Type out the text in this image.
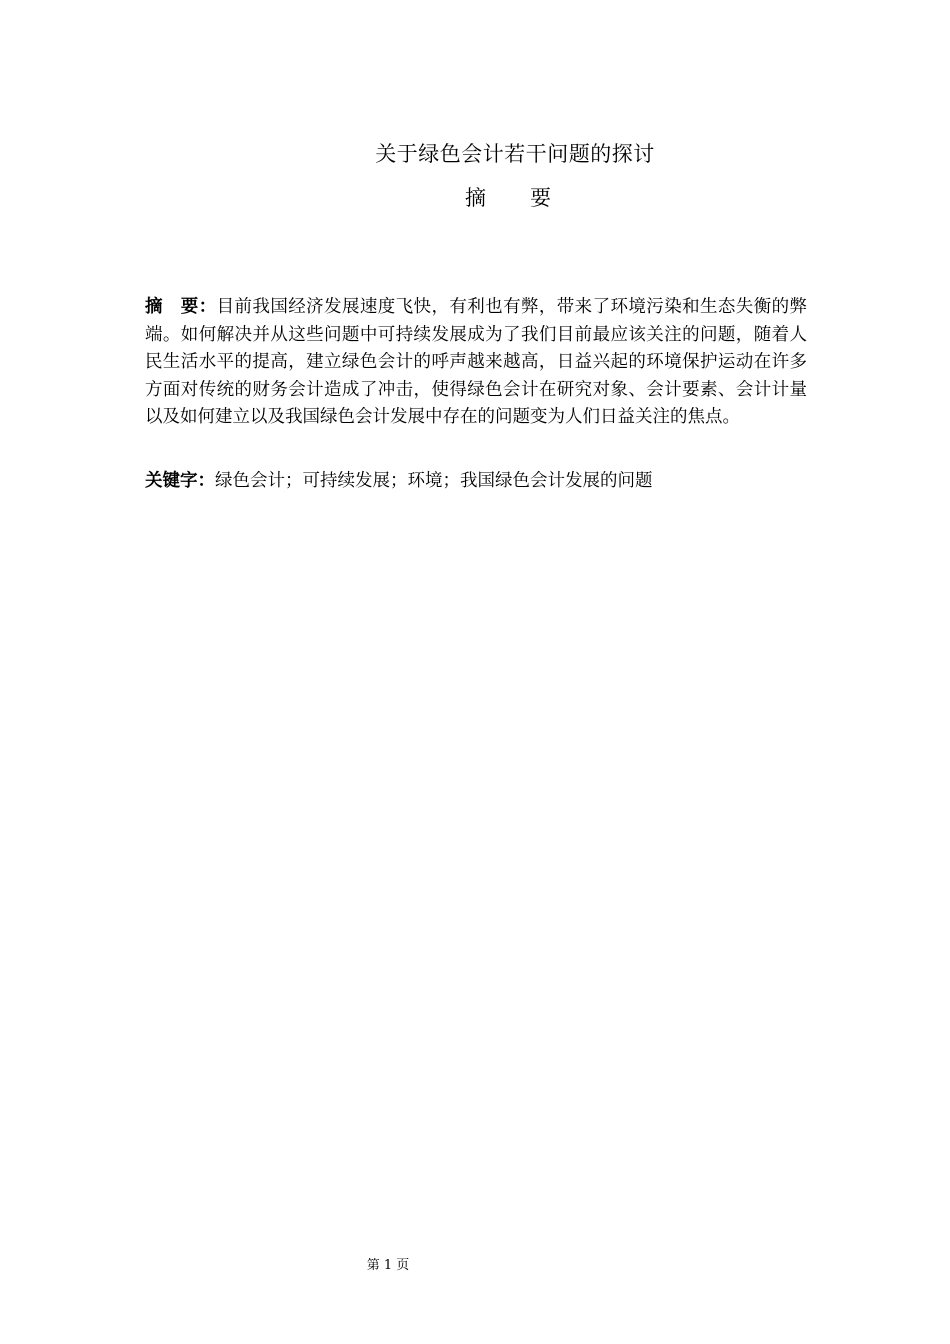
关于绿色会计若干问题的探讨
摘 要
摘　要：目前我国经济发展速度飞快，有利也有弊，带来了环境污染和生态失衡的弊端。如何解决并从这些问题中可持续发展成为了我们目前最应该关注的问题，随着人民生活水平的提高，建立绿色会计的呼声越来越高，日益兴起的环境保护运动在许多方面对传统的财务会计造成了冲击，使得绿色会计在研究对象、会计要素、会计计量以及如何建立以及我国绿色会计发展中存在的问题变为人们日益关注的焦点。
关键字：绿色会计；可持续发展；环境；我国绿色会计发展的问题
第 1 页
